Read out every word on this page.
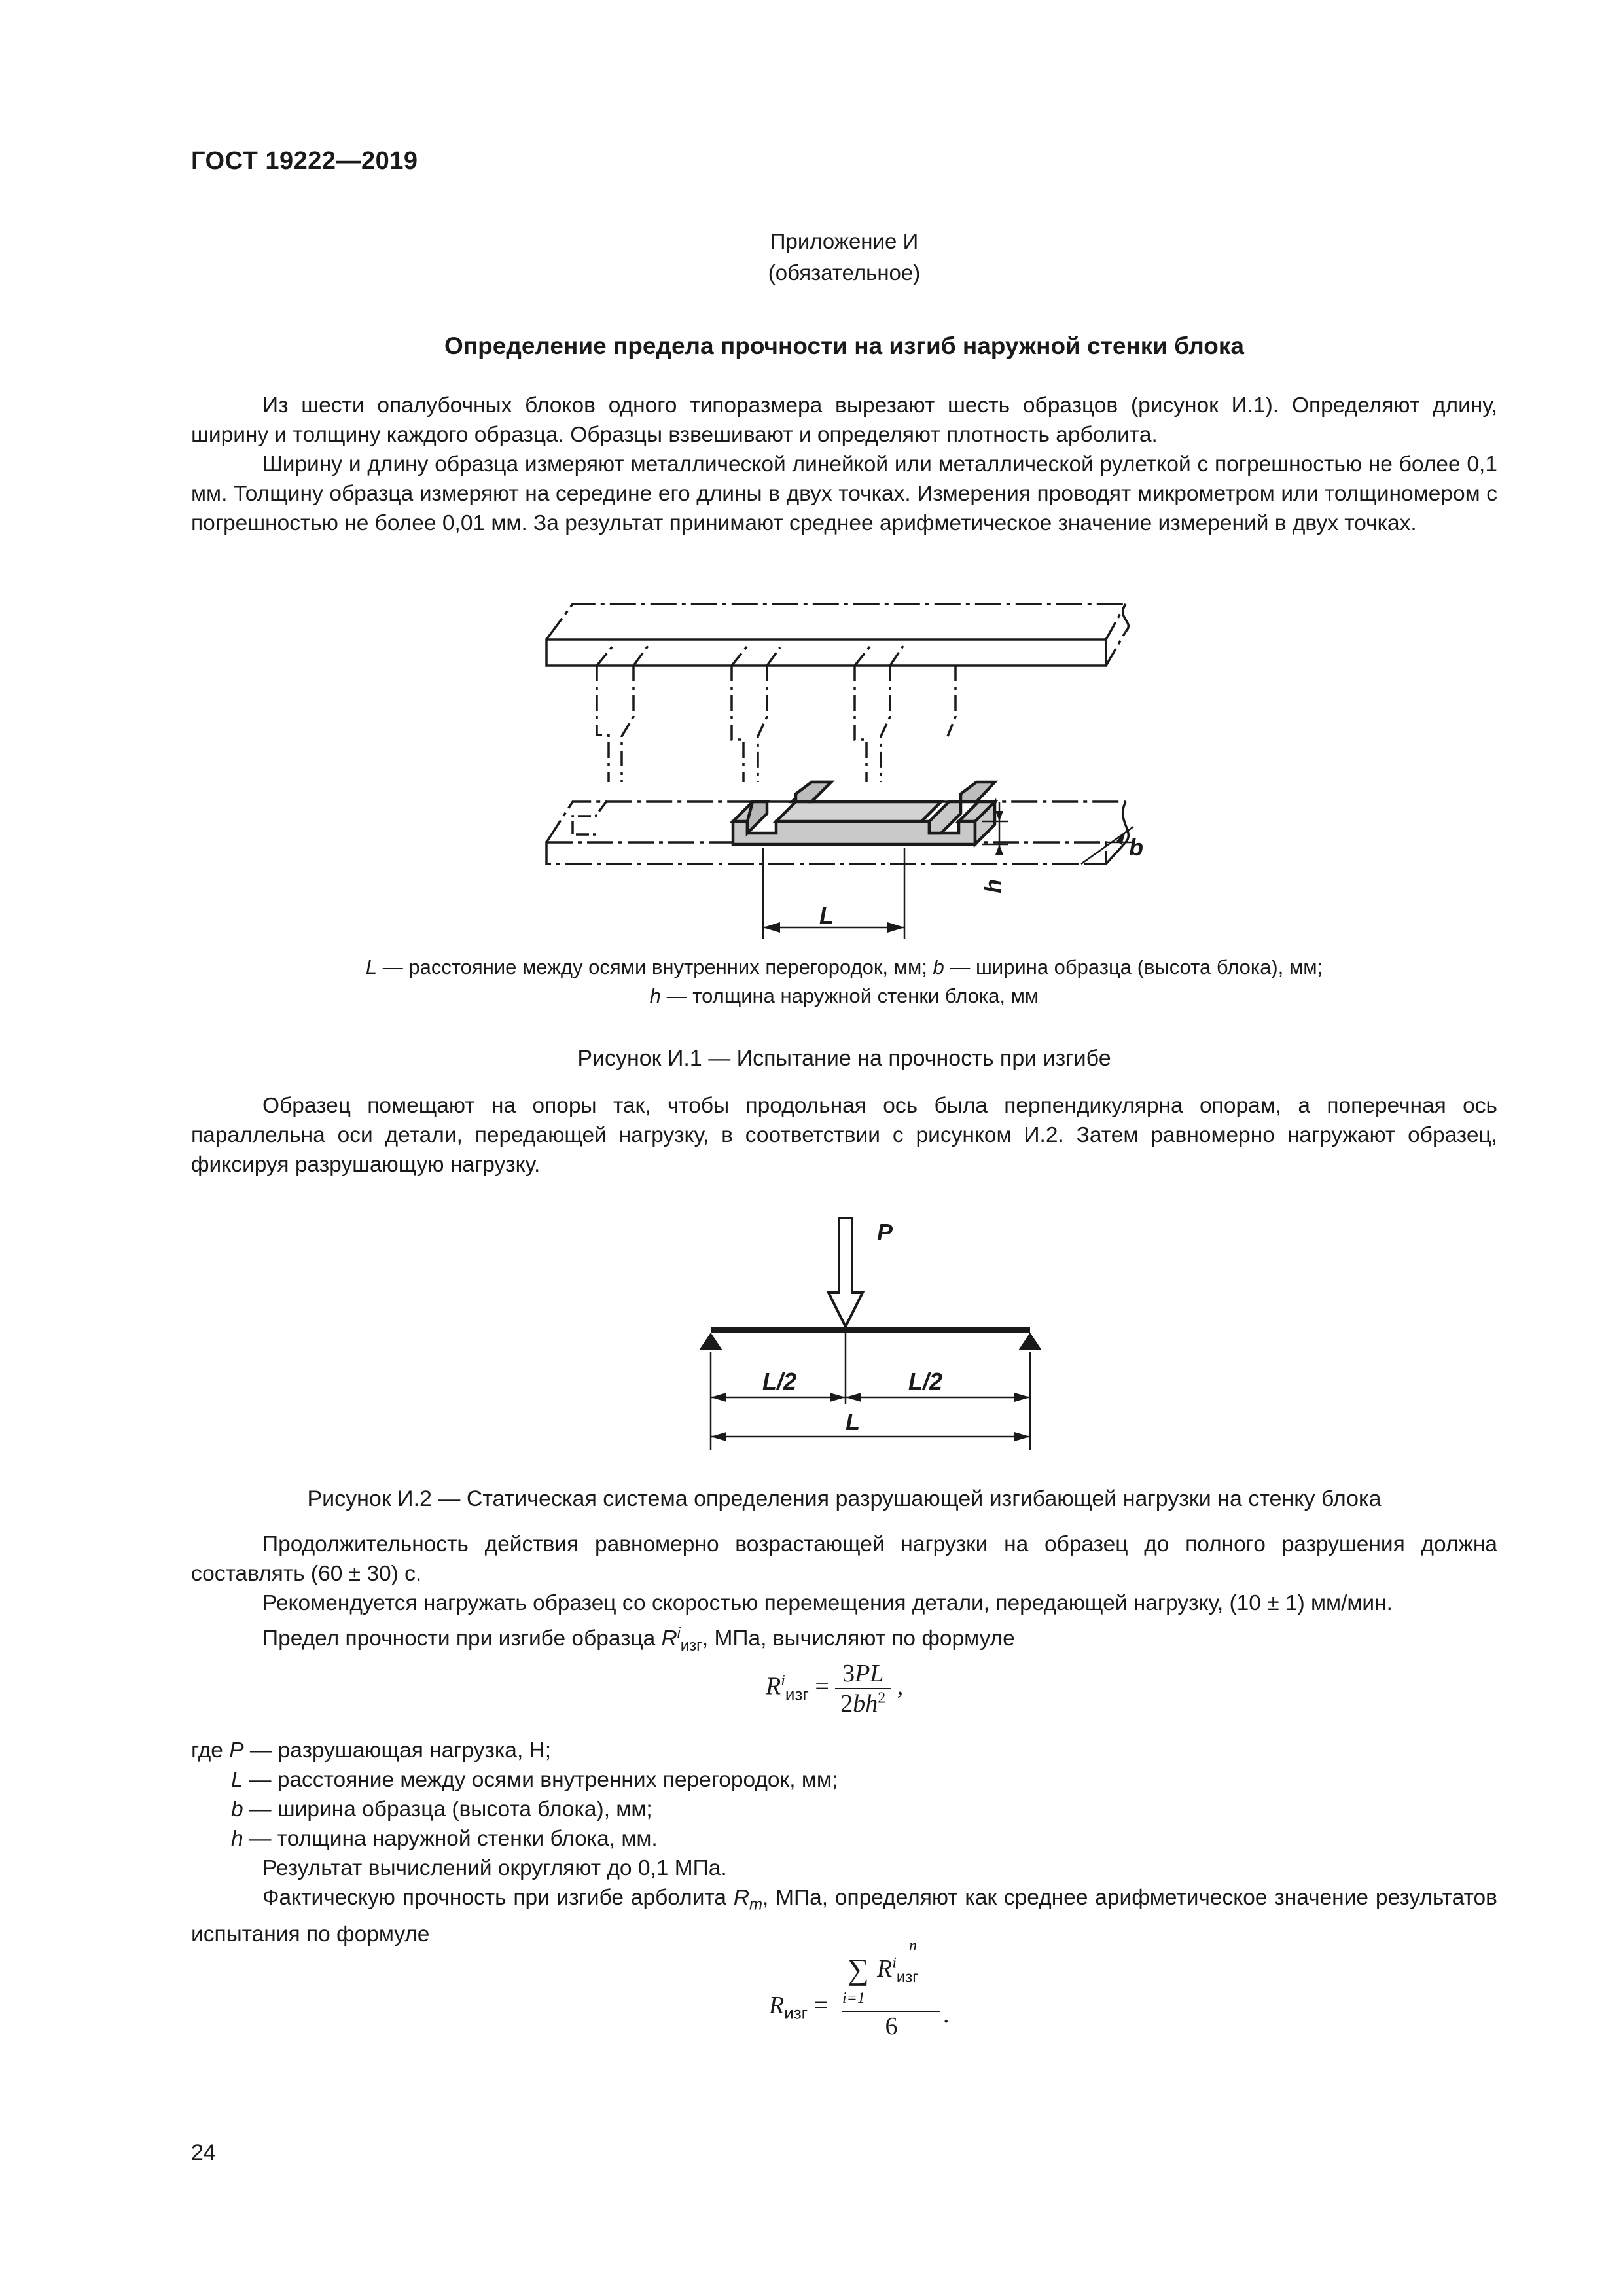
ГОСТ 19222—2019
Приложение И
(обязательное)
Определение предела прочности на изгиб наружной стенки блока

Из шести опалубочных блоков одного типоразмера вырезают шесть образцов (рисунок И.1). Определяют длину, ширину и толщину каждого образца. Образцы взвешивают и определяют плотность арболита.

Ширину и длину образца измеряют металлической линейкой или металлической рулеткой с погрешностью не более 0,1 мм. Толщину образца измеряют на середине его длины в двух точках. Измерения проводят микрометром или толщиномером с погрешностью не более 0,01 мм. За результат принимают среднее арифметическое значение измерений в двух точках.

L
b
h
L — расстояние между осями внутренних перегородок, мм; b — ширина образца (высота блока), мм;
h — толщина наружной стенки блока, мм
Рисунок И.1 — Испытание на прочность при изгибе

Образец помещают на опоры так, чтобы продольная ось была перпендикулярна опорам, а поперечная ось параллельна оси детали, передающей нагрузку, в соответствии с рисунком И.2. Затем равномерно нагружают образец, фиксируя разрушающую нагрузку.

P
L/2	L/2
L
Рисунок И.2 — Статическая система определения разрушающей изгибающей нагрузки на стенку блока

Продолжительность действия равномерно возрастающей нагрузки на образец до полного разрушения должна составлять (60 ± 30) с.

Рекомендуется нагружать образец со скоростью перемещения детали, передающей нагрузку, (10 ± 1) мм/мин.
Предел прочности при изгибе образца $R^i_{изг}$, МПа, вычисляют по формуле
$R^i_{изг} = \frac{3PL}{2bh^2}$ ,
где P — разрушающая нагрузка, Н;
L — расстояние между осями внутренних перегородок, мм;
b — ширина образца (высота блока), мм;
h — толщина наружной стенки блока, мм.
Результат вычислений округляют до 0,1 МПа.

Фактическую прочность при изгибе арболита $R_m$, МПа, определяют как среднее арифметическое значение результатов испытания по формуле

$R_{изг}$ =
n
∑ $R^i_{изг}$
i=1
6	.
24
